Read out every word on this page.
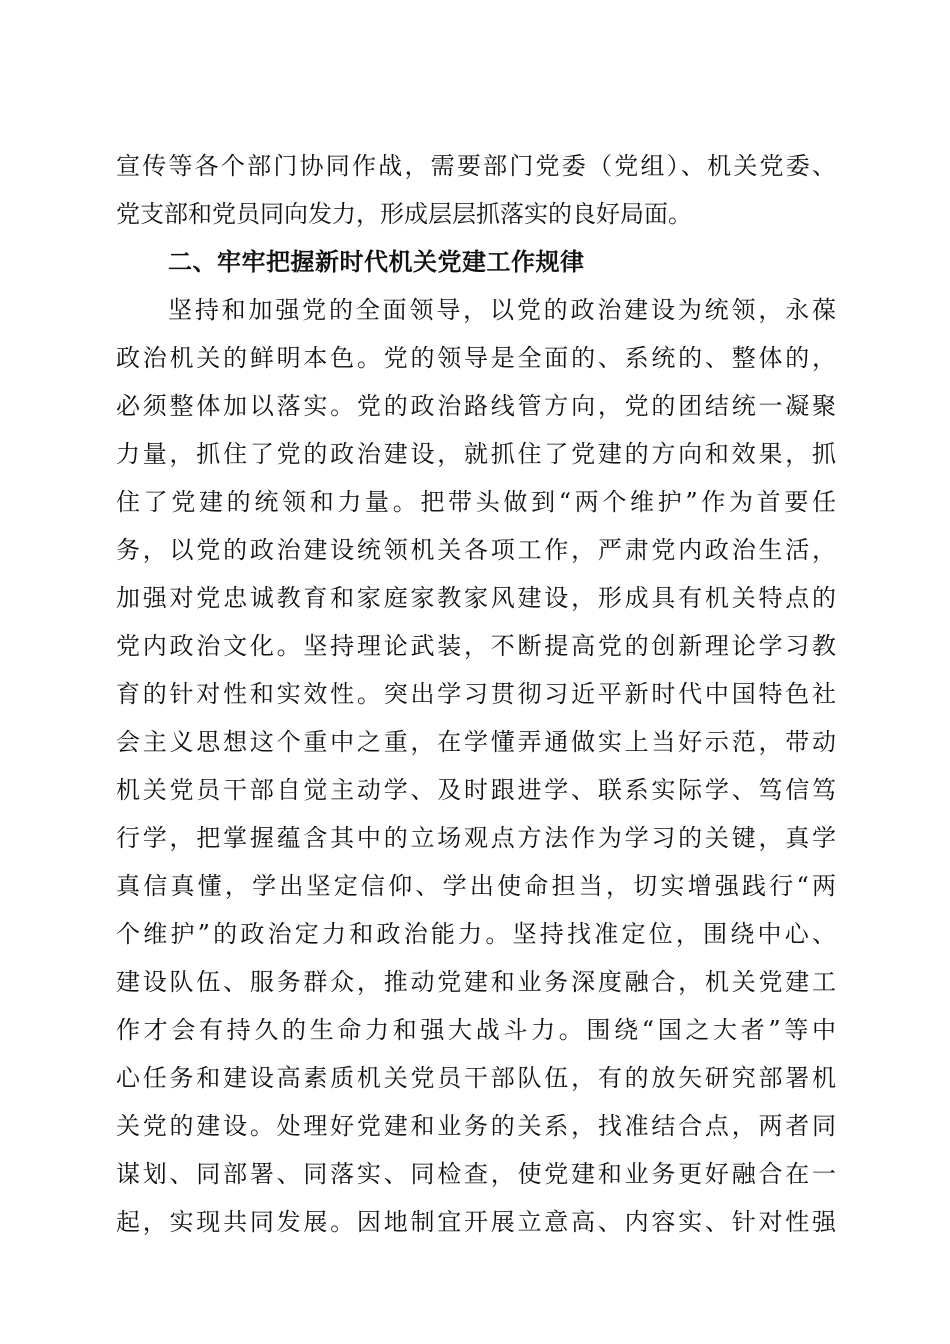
宣传等各个部门协同作战，需要部门党委（党组）、机关党委、
党支部和党员同向发力，形成层层抓落实的良好局面。
二、牢牢把握新时代机关党建工作规律
坚持和加强党的全面领导，以党的政治建设为统领，永葆
政治机关的鲜明本色。党的领导是全面的、系统的、整体的，
必须整体加以落实。党的政治路线管方向，党的团结统一凝聚
力量，抓住了党的政治建设，就抓住了党建的方向和效果，抓
住了党建的统领和力量。把带头做到“两个维护”作为首要任
务，以党的政治建设统领机关各项工作，严肃党内政治生活，
加强对党忠诚教育和家庭家教家风建设，形成具有机关特点的
党内政治文化。坚持理论武装，不断提高党的创新理论学习教
育的针对性和实效性。突出学习贯彻习近平新时代中国特色社
会主义思想这个重中之重，在学懂弄通做实上当好示范，带动
机关党员干部自觉主动学、及时跟进学、联系实际学、笃信笃
行学，把掌握蕴含其中的立场观点方法作为学习的关键，真学
真信真懂，学出坚定信仰、学出使命担当，切实增强践行“两
个维护”的政治定力和政治能力。坚持找准定位，围绕中心、
建设队伍、服务群众，推动党建和业务深度融合，机关党建工
作才会有持久的生命力和强大战斗力。围绕“国之大者”等中
心任务和建设高素质机关党员干部队伍，有的放矢研究部署机
关党的建设。处理好党建和业务的关系，找准结合点，两者同
谋划、同部署、同落实、同检查，使党建和业务更好融合在一
起，实现共同发展。因地制宜开展立意高、内容实、针对性强
